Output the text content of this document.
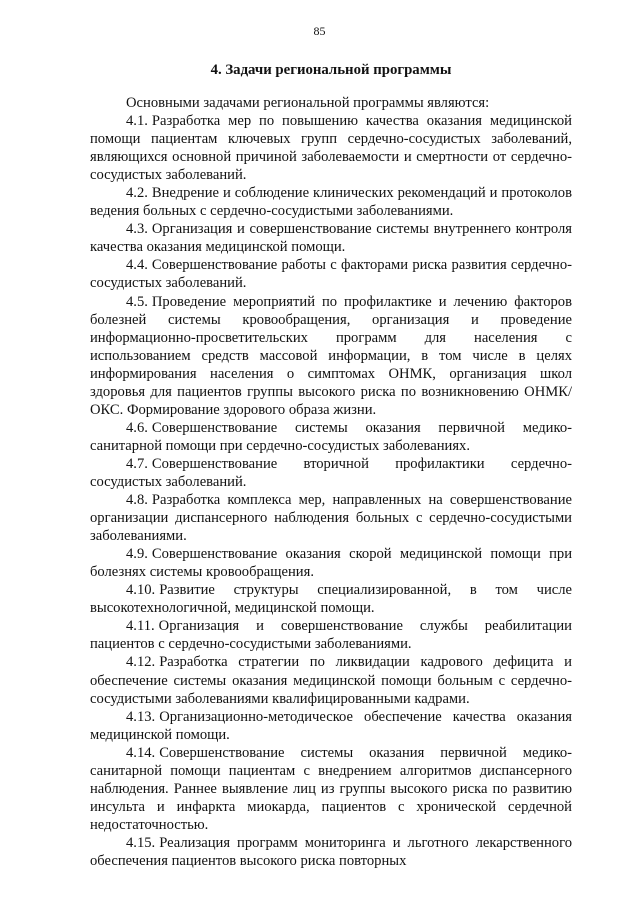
85
4. Задачи региональной программы

Основными задачами региональной программы являются:

4.1. Разработка мер по повышению качества оказания медицинской помощи пациентам ключевых групп сердечно-сосудистых заболеваний, являющихся основной причиной заболеваемости и смертности от сердечно-сосудистых заболеваний.

4.2. Внедрение и соблюдение клинических рекомендаций и протоколов ведения больных с сердечно-сосудистыми заболеваниями.

4.3. Организация и совершенствование системы внутреннего контроля качества оказания медицинской помощи.

4.4. Совершенствование работы с факторами риска развития сердечно-сосудистых заболеваний.

4.5. Проведение мероприятий по профилактике и лечению факторов болезней системы кровообращения, организация и проведение информационно-просветительских программ для населения с использованием средств массовой информации, в том числе в целях информирования населения о симптомах ОНМК, организация школ здоровья для пациентов группы высокого риска по возникновению ОНМК/ОКС. Формирование здорового образа жизни.

4.6. Совершенствование системы оказания первичной медико-санитарной помощи при сердечно-сосудистых заболеваниях.

4.7. Совершенствование вторичной профилактики сердечно-сосудистых заболеваний.

4.8. Разработка комплекса мер, направленных на совершенствование организации диспансерного наблюдения больных с сердечно-сосудистыми заболеваниями.

4.9. Совершенствование оказания скорой медицинской помощи при болезнях системы кровообращения.

4.10. Развитие структуры специализированной, в том числе высокотехнологичной, медицинской помощи.

4.11. Организация и совершенствование службы реабилитации пациентов с сердечно-сосудистыми заболеваниями.

4.12. Разработка стратегии по ликвидации кадрового дефицита и обеспечение системы оказания медицинской помощи больным с сердечно-сосудистыми заболеваниями квалифицированными кадрами.

4.13. Организационно-методическое обеспечение качества оказания медицинской помощи.

4.14. Совершенствование системы оказания первичной медико-санитарной помощи пациентам с внедрением алгоритмов диспансерного наблюдения. Раннее выявление лиц из группы высокого риска по развитию инсульта и инфаркта миокарда, пациентов с хронической сердечной недостаточностью.

4.15. Реализация программ мониторинга и льготного лекарственного обеспечения пациентов высокого риска повторных
